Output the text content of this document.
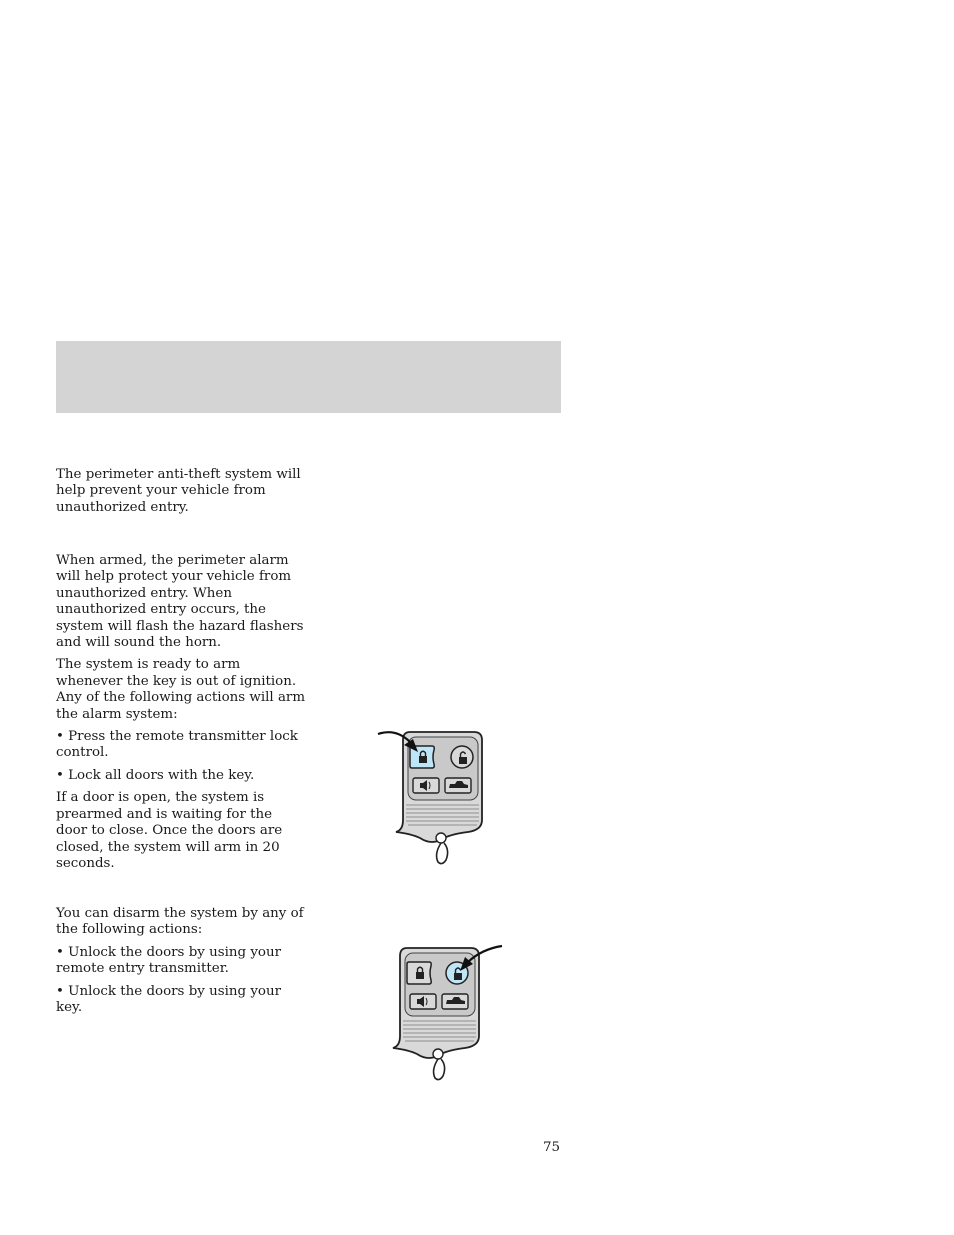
The perimeter anti-theft system will help prevent your vehicle from unauthorized entry.

When armed, the perimeter alarm will help protect your vehicle from unauthorized entry. When unauthorized entry occurs, the system will flash the hazard flashers and will sound the horn.

The system is ready to arm whenever the key is out of ignition. Any of the following actions will arm the alarm system:

• Press the remote transmitter lock control.

• Lock all doors with the key.

If a door is open, the system is prearmed and is waiting for the door to close. Once the doors are closed, the system will arm in 20 seconds.

You can disarm the system by any of the following actions:

• Unlock the doors by using your remote entry transmitter.

• Unlock the doors by using your key.

75
